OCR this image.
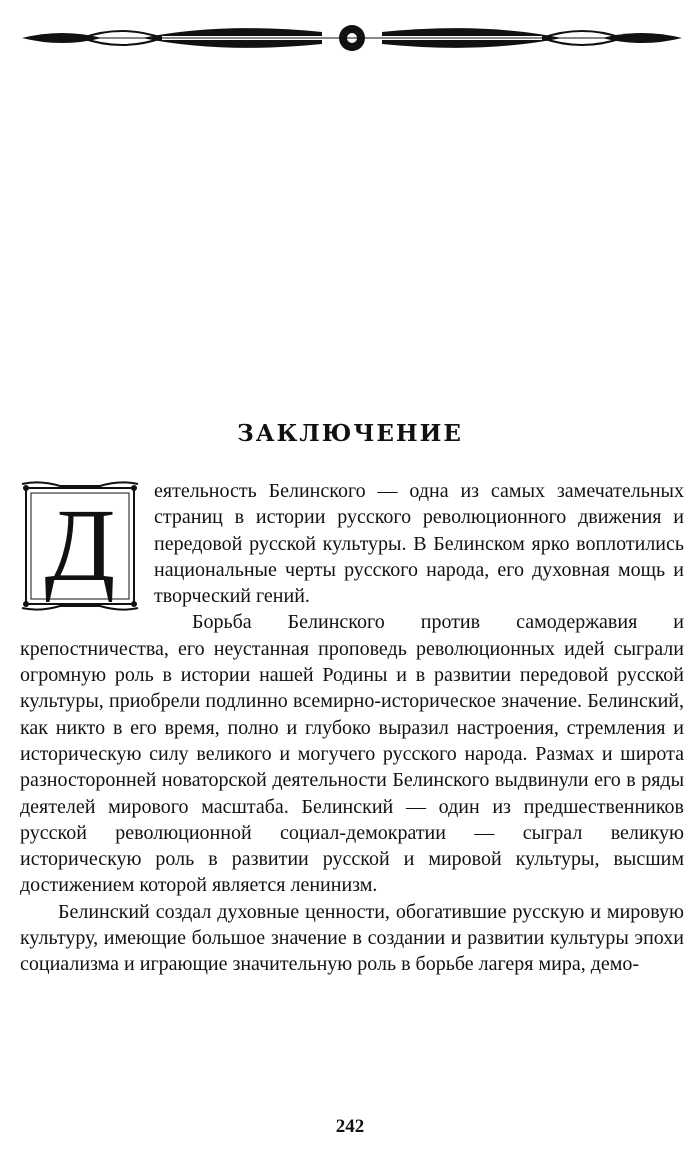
ЗАКЛЮЧЕНИЕ
Д	еятельность Белинского — одна из самых замечательных страниц в истории русского революционного движения и передовой русской культуры. В Белинском ярко воплотились национальные черты русского народа, его духовная мощь и творческий гений.

Борьба Белинского против самодержавия и крепостничества, его неустанная проповедь революционных идей сыграли огромную роль в истории нашей Родины и в развитии передовой русской культуры, приобрели подлинно всемирно-историческое значение. Белинский, как никто в его время, полно и глубоко выразил настроения, стремления и историческую силу великого и могучего русского народа. Размах и широта разносторонней новаторской деятельности Белинского выдвинули его в ряды деятелей мирового масштаба. Белинский — один из предшественников русской революционной социал-демократии — сыграл великую историческую роль в развитии русской и мировой культуры, высшим достижением которой является ленинизм.

Белинский создал духовные ценности, обогатившие русскую и мировую культуру, имеющие большое значение в создании и развитии культуры эпохи социализма и играющие значительную роль в борьбе лагеря мира, демо-

242
